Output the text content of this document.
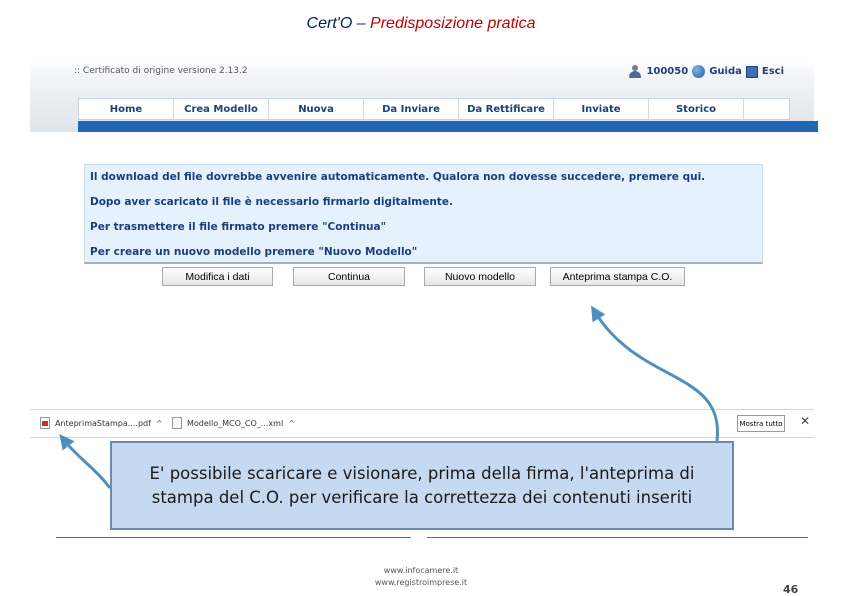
Cert'O – Predisposizione pratica
:: Certificato di origine versione 2.13.2	100050 Guida Esci
Home	Crea Modello	Nuova	Da Inviare	Da Rettificare	Inviate	Storico
Il download del file dovrebbe avvenire automaticamente. Qualora non dovesse succedere, premere qui.
Dopo aver scaricato il file è necessario firmarlo digitalmente.
Per trasmettere il file firmato premere "Continua"
Per creare un nuovo modello premere "Nuovo Modello"
Modifica i dati	Continua	Nuovo modello	Anteprima stampa C.O.
AnteprimaStampa....pdf ^	Modello_MCO_CO_...xml ^	Mostra tutto ✕
E' possibile scaricare e visionare, prima della firma, l'anteprima di stampa del C.O. per verificare la correttezza dei contenuti inseriti
www.infocamere.it
www.registroimprese.it
46
